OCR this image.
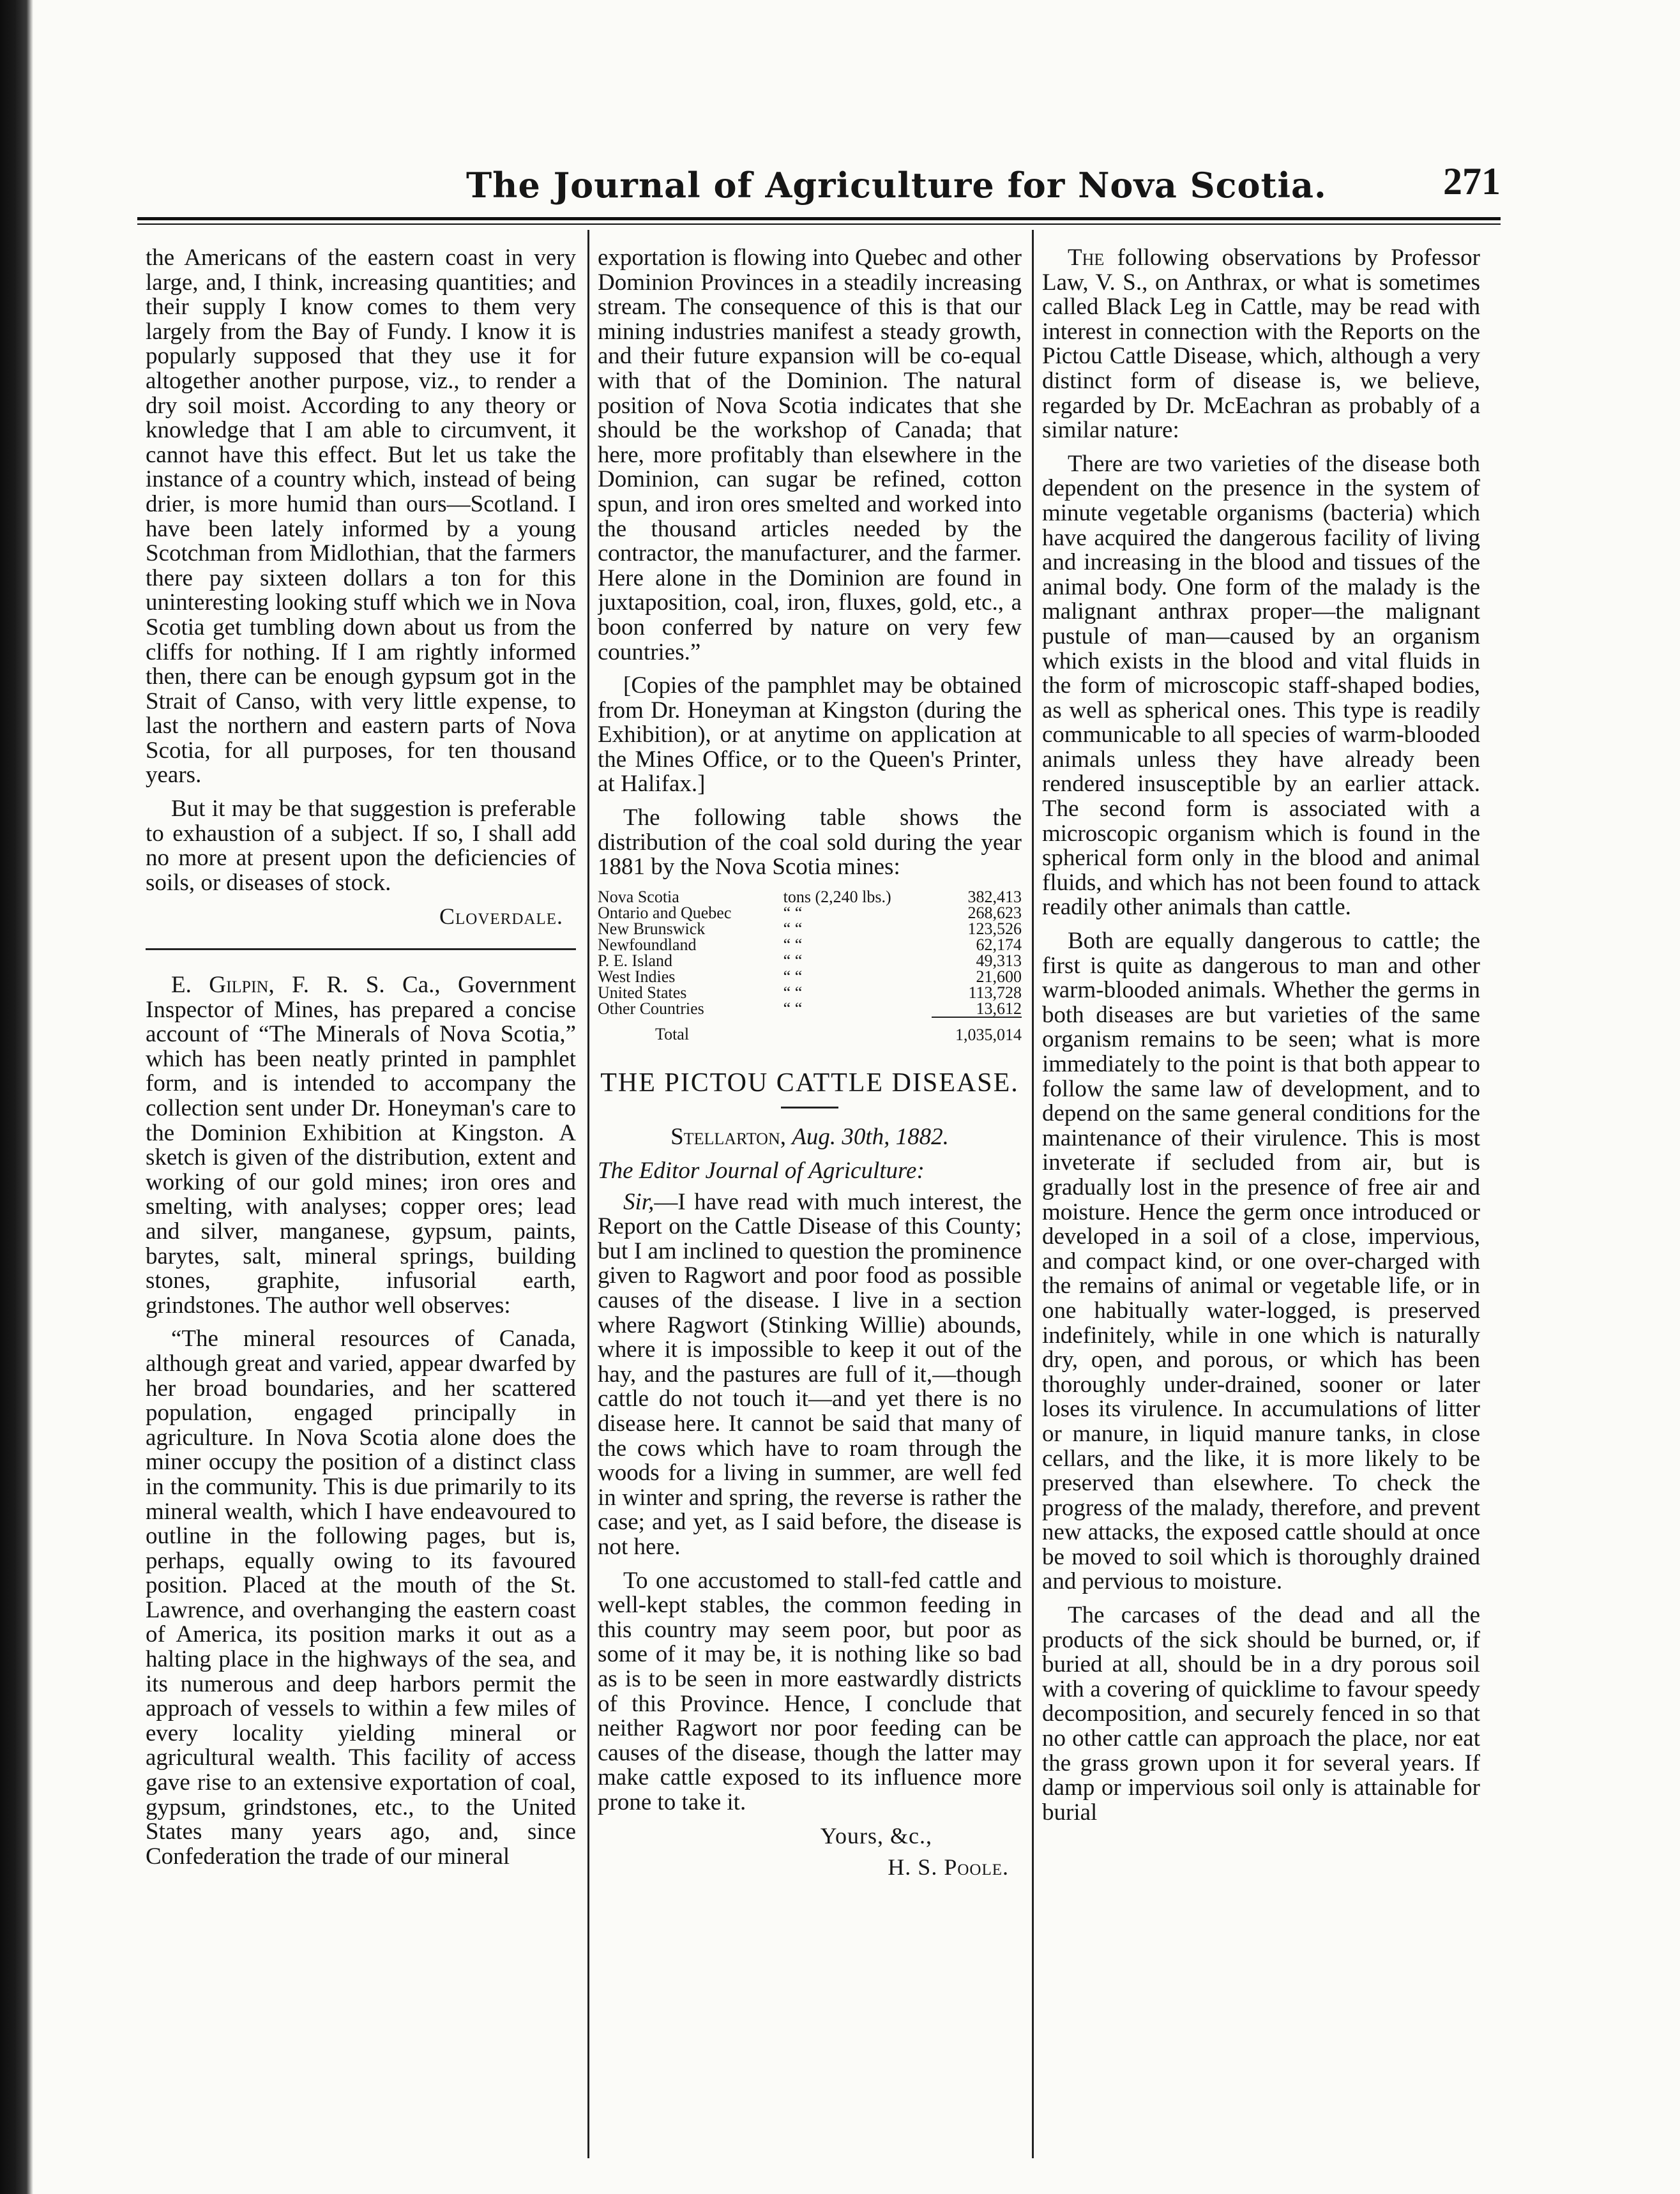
The Journal of Agriculture for Nova Scotia.	271

the Americans of the eastern coast in very large, and, I think, increasing quantities; and their supply I know comes to them very largely from the Bay of Fundy. I know it is popularly supposed that they use it for altogether another purpose, viz., to render a dry soil moist. According to any theory or knowledge that I am able to circumvent, it cannot have this effect. But let us take the instance of a country which, instead of being drier, is more humid than ours—Scotland. I have been lately informed by a young Scotchman from Midlothian, that the farmers there pay sixteen dollars a ton for this uninteresting looking stuff which we in Nova Scotia get tumbling down about us from the cliffs for nothing. If I am rightly informed then, there can be enough gypsum got in the Strait of Canso, with very little expense, to last the northern and eastern parts of Nova Scotia, for all purposes, for ten thousand years.

But it may be that suggestion is preferable to exhaustion of a subject. If so, I shall add no more at present upon the deficiencies of soils, or diseases of stock.

Cloverdale.

E. Gilpin, F. R. S. Ca., Government Inspector of Mines, has prepared a concise account of “The Minerals of Nova Scotia,” which has been neatly printed in pamphlet form, and is intended to accompany the collection sent under Dr. Honeyman's care to the Dominion Exhibition at Kingston. A sketch is given of the distribution, extent and working of our gold mines; iron ores and smelting, with analyses; copper ores; lead and silver, manganese, gypsum, paints, barytes, salt, mineral springs, building stones, graphite, infusorial earth, grindstones. The author well observes:

“The mineral resources of Canada, although great and varied, appear dwarfed by her broad boundaries, and her scattered population, engaged principally in agriculture. In Nova Scotia alone does the miner occupy the position of a distinct class in the community. This is due primarily to its mineral wealth, which I have endeavoured to outline in the following pages, but is, perhaps, equally owing to its favoured position. Placed at the mouth of the St. Lawrence, and overhanging the eastern coast of America, its position marks it out as a halting place in the highways of the sea, and its numerous and deep harbors permit the approach of vessels to within a few miles of every locality yielding mineral or agricultural wealth. This facility of access gave rise to an extensive exportation of coal, gypsum, grindstones, etc., to the United States many years ago, and, since Confederation the trade of our mineral

exportation is flowing into Quebec and other Dominion Provinces in a steadily increasing stream. The consequence of this is that our mining industries manifest a steady growth, and their future expansion will be co-equal with that of the Dominion. The natural position of Nova Scotia indicates that she should be the workshop of Canada; that here, more profitably than elsewhere in the Dominion, can sugar be refined, cotton spun, and iron ores smelted and worked into the thousand articles needed by the contractor, the manufacturer, and the farmer. Here alone in the Dominion are found in juxtaposition, coal, iron, fluxes, gold, etc., a boon conferred by nature on very few countries.”

[Copies of the pamphlet may be obtained from Dr. Honeyman at Kingston (during the Exhibition), or at anytime on application at the Mines Office, or to the Queen's Printer, at Halifax.]

The following table shows the distribution of the coal sold during the year 1881 by the Nova Scotia mines:

Nova Scotia	tons (2,240 lbs.)	382,413
Ontario and Quebec	“ “	268,623
New Brunswick	“ “	123,526
Newfoundland	“ “	62,174
P. E. Island	“ “	49,313
West Indies	“ “	21,600
United States	“ “	113,728
Other Countries	“ “	13,612
Total		1,035,014
THE PICTOU CATTLE DISEASE.
Stellarton, Aug. 30th, 1882.
The Editor Journal of Agriculture:

Sir,—I have read with much interest, the Report on the Cattle Disease of this County; but I am inclined to question the prominence given to Ragwort and poor food as possible causes of the disease. I live in a section where Ragwort (Stinking Willie) abounds, where it is impossible to keep it out of the hay, and the pastures are full of it,—though cattle do not touch it—and yet there is no disease here. It cannot be said that many of the cows which have to roam through the woods for a living in summer, are well fed in winter and spring, the reverse is rather the case; and yet, as I said before, the disease is not here.

To one accustomed to stall-fed cattle and well-kept stables, the common feeding in this country may seem poor, but poor as some of it may be, it is nothing like so bad as is to be seen in more eastwardly districts of this Province. Hence, I conclude that neither Ragwort nor poor feeding can be causes of the disease, though the latter may make cattle exposed to its influence more prone to take it.

Yours, &c.,
H. S. Poole.

The following observations by Professor Law, V. S., on Anthrax, or what is sometimes called Black Leg in Cattle, may be read with interest in connection with the Reports on the Pictou Cattle Disease, which, although a very distinct form of disease is, we believe, regarded by Dr. McEachran as probably of a similar nature:

There are two varieties of the disease both dependent on the presence in the system of minute vegetable organisms (bacteria) which have acquired the dangerous facility of living and increasing in the blood and tissues of the animal body. One form of the malady is the malignant anthrax proper—the malignant pustule of man—caused by an organism which exists in the blood and vital fluids in the form of microscopic staff-shaped bodies, as well as spherical ones. This type is readily communicable to all species of warm-blooded animals unless they have already been rendered insusceptible by an earlier attack. The second form is associated with a microscopic organism which is found in the spherical form only in the blood and animal fluids, and which has not been found to attack readily other animals than cattle.

Both are equally dangerous to cattle; the first is quite as dangerous to man and other warm-blooded animals. Whether the germs in both diseases are but varieties of the same organism remains to be seen; what is more immediately to the point is that both appear to follow the same law of development, and to depend on the same general conditions for the maintenance of their virulence. This is most inveterate if secluded from air, but is gradually lost in the presence of free air and moisture. Hence the germ once introduced or developed in a soil of a close, impervious, and compact kind, or one over-charged with the remains of animal or vegetable life, or in one habitually water-logged, is preserved indefinitely, while in one which is naturally dry, open, and porous, or which has been thoroughly under-drained, sooner or later loses its virulence. In accumulations of litter or manure, in liquid manure tanks, in close cellars, and the like, it is more likely to be preserved than elsewhere. To check the progress of the malady, therefore, and prevent new attacks, the exposed cattle should at once be moved to soil which is thoroughly drained and pervious to moisture.

The carcases of the dead and all the products of the sick should be burned, or, if buried at all, should be in a dry porous soil with a covering of quicklime to favour speedy decomposition, and securely fenced in so that no other cattle can approach the place, nor eat the grass grown upon it for several years. If damp or impervious soil only is attainable for burial
